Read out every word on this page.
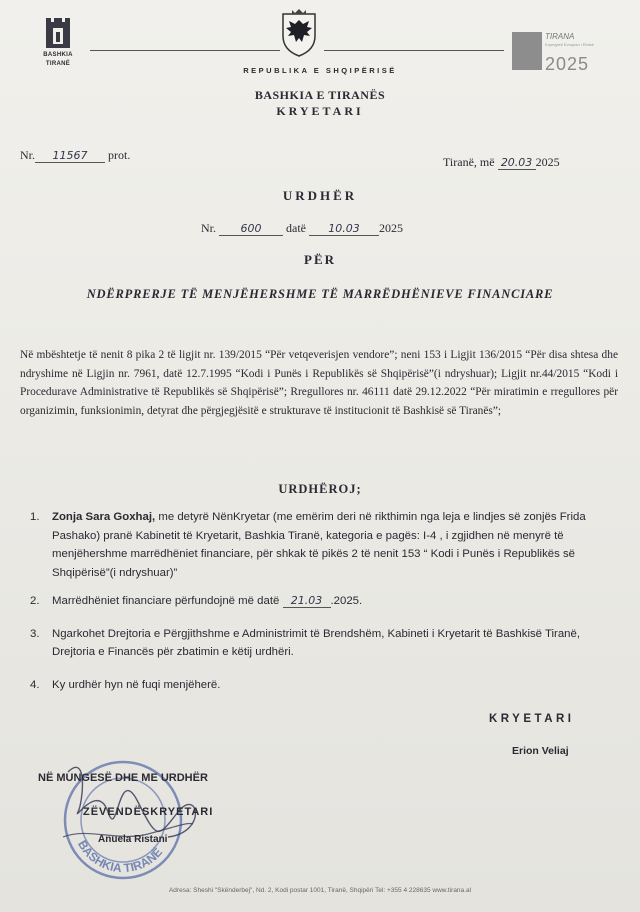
BASHKIA
TIRANË
REPUBLIKA E SHQIPËRISË
TIRANA
Kryeqyteti Evropian i Rinisë
2025
BASHKIA E TIRANËS
KRYETARI
Nr. 11567 prot.	Tiranë, më 20.03 2025
URDHËR
Nr. 600 datë 10.03 2025
PËR
NDËRPRERJE TË MENJËHERSHME TË MARRËDHËNIEVE FINANCIARE
Në mbështetje të nenit 8 pika 2 të ligjit nr. 139/2015 “Për vetqeverisjen vendore”; neni 153 i Ligjit 136/2015 “Për disa shtesa dhe ndryshime në Ligjin nr. 7961, datë 12.7.1995 “Kodi i Punës i Republikës së Shqipërisë”(i ndryshuar); Ligjit nr.44/2015 “Kodi i Procedurave Administrative të Republikës së Shqipërisë”; Rregullores nr. 46111 datë 29.12.2022 “Për miratimin e rregullores për organizimin, funksionimin, detyrat dhe përgjegjësitë e strukturave të institucionit të Bashkisë së Tiranës”;
URDHËROJ;
1. Zonja Sara Goxhaj, me detyrë NënKryetar (me emërim deri në rikthimin nga leja e lindjes së zonjës Frida Pashako) pranë Kabinetit të Kryetarit, Bashkia Tiranë, kategoria e pagës: I-4 , i zgjidhen në menyrë të menjëhershme marrëdhëniet financiare, për shkak të pikës 2 të nenit 153 “ Kodi i Punës i Republikës së Shqipërisë”(i ndryshuar)”
2. Marrëdhëniet financiare përfundojnë më datë 21.03 .2025.
3. Ngarkohet Drejtoria e Përgjithshme e Administrimit të Brendshëm, Kabineti i Kryetarit të Bashkisë Tiranë, Drejtoria e Financës për zbatimin e këtij urdhëri.
4. Ky urdhër hyn në fuqi menjëherë.
KRYETARI
Erion Veliaj
BASHKIA TIRANË
NË MUNGESË DHE ME URDHËR
ZËVENDËSKRYETARI
Anuela Ristani
Adresa: Sheshi "Skënderbej", Nd. 2, Kodi postar 1001, Tiranë, Shqipëri Tel: +355 4 228635 www.tirana.al
